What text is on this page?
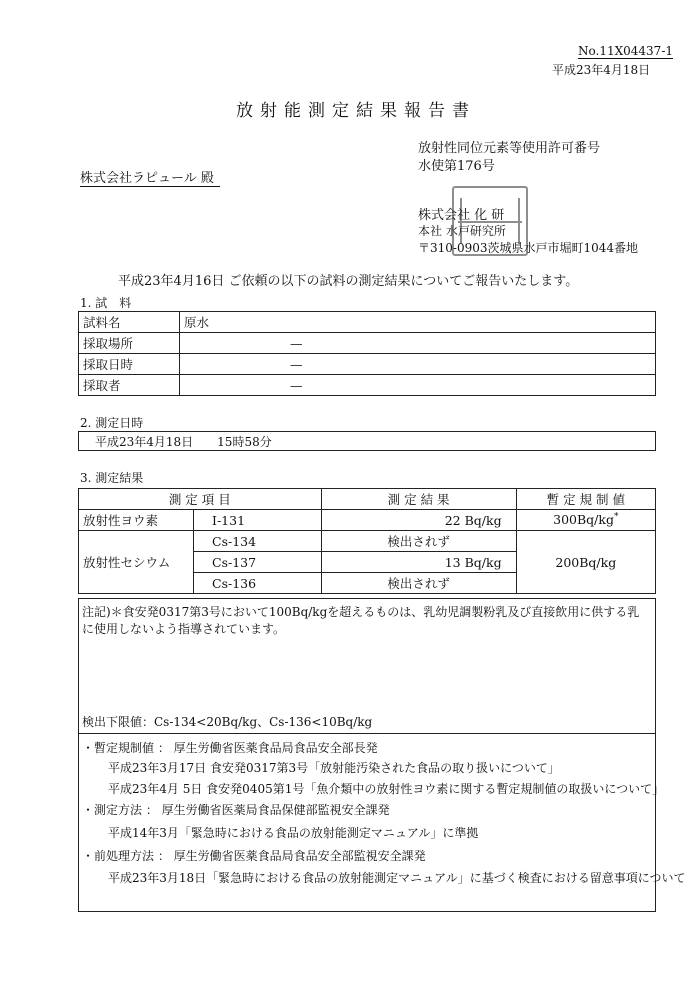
No.11X04437-1
平成23年4月18日
放射能測定結果報告書
放射性同位元素等使用許可番号
水使第176号
株式会社ラピュール 殿
株式会社 化 研
本社 水戸研究所
〒310-0903茨城県水戸市堀町1044番地
平成23年4月16日 ご依頼の以下の試料の測定結果についてご報告いたします。
1. 試　料
試料名	原水
採取場所	—
採取日時	—
採取者	—
2. 測定日時
平成23年4月18日　　15時58分
3. 測定結果
測 定 項 目		測 定 結 果	暫 定 規 制 値
放射性ヨウ素	I-131	22 Bq/kg	300Bq/kg*
放射性セシウム	Cs-134	検出されず	200Bq/kg
	Cs-137	13 Bq/kg	
	Cs-136	検出されず	
注記)＊食安発0317第3号において100Bq/kgを超えるものは、乳幼児調製粉乳及び直接飲用に供する乳
に使用しないよう指導されています。
検出下限値：Cs-134<20Bq/kg、Cs-136<10Bq/kg
・暫定規制値 ： 厚生労働省医薬食品局食品安全部長発
平成23年3月17日 食安発0317第3号「放射能汚染された食品の取り扱いについて」
平成23年4月 5日 食安発0405第1号「魚介類中の放射性ヨウ素に関する暫定規制値の取扱いについて」
・測定方法 ： 厚生労働省医薬局食品保健部監視安全課発
平成14年3月「緊急時における食品の放射能測定マニュアル」に準拠
・前処理方法 ： 厚生労働省医薬食品局食品安全部監視安全課発
平成23年3月18日「緊急時における食品の放射能測定マニュアル」に基づく検査における留意事項について
